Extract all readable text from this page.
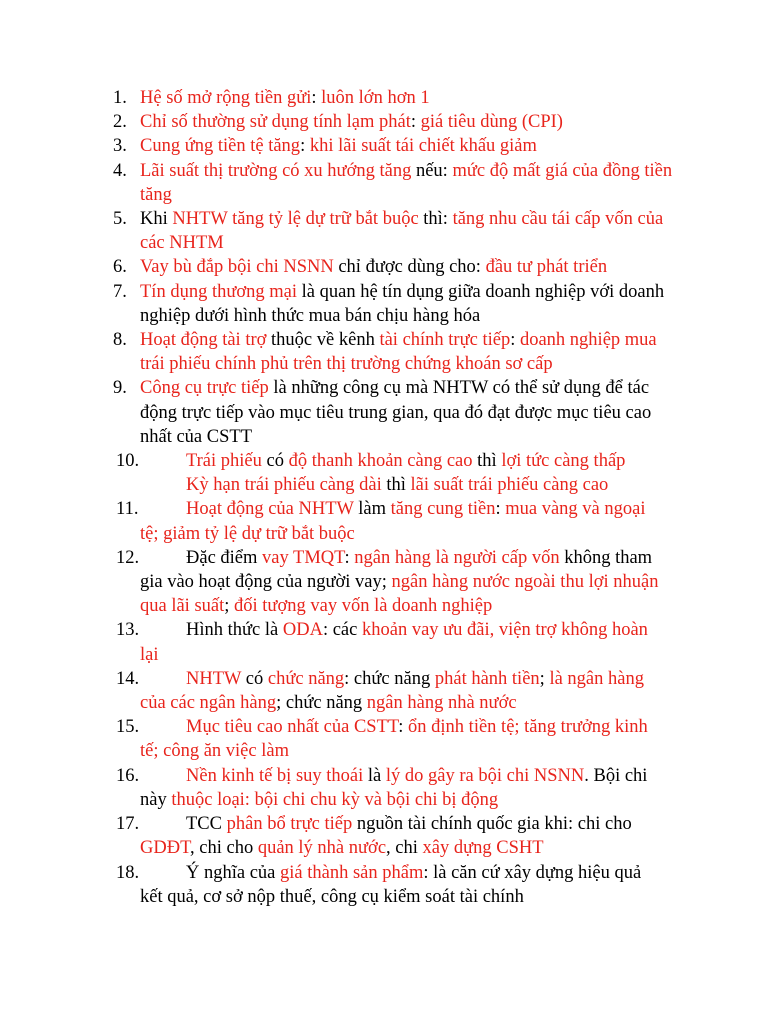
1. Hệ số mở rộng tiền gửi: luôn lớn hơn 1
2. Chỉ số thường sử dụng tính lạm phát: giá tiêu dùng (CPI)
3. Cung ứng tiền tệ tăng: khi lãi suất tái chiết khấu giảm
4. Lãi suất thị trường có xu hướng tăng nếu: mức độ mất giá của đồng tiền tăng
5. Khi NHTW tăng tỷ lệ dự trữ bắt buộc thì: tăng nhu cầu tái cấp vốn của các NHTM
6. Vay bù đắp bội chi NSNN chỉ được dùng cho: đầu tư phát triển
7. Tín dụng thương mại là quan hệ tín dụng giữa doanh nghiệp với doanh nghiệp dưới hình thức mua bán chịu hàng hóa
8. Hoạt động tài trợ thuộc về kênh tài chính trực tiếp: doanh nghiệp mua trái phiếu chính phủ trên thị trường chứng khoán sơ cấp
9. Công cụ trực tiếp là những công cụ mà NHTW có thể sử dụng để tác động trực tiếp vào mục tiêu trung gian, qua đó đạt được mục tiêu cao nhất của CSTT
10.	Trái phiếu có độ thanh khoản càng cao thì lợi tức càng thấp
Kỳ hạn trái phiếu càng dài thì lãi suất trái phiếu càng cao
11.	Hoạt động của NHTW làm tăng cung tiền: mua vàng và ngoại tệ; giảm tỷ lệ dự trữ bắt buộc
12.	Đặc điểm vay TMQT: ngân hàng là người cấp vốn không tham gia vào hoạt động của người vay; ngân hàng nước ngoài thu lợi nhuận qua lãi suất; đối tượng vay vốn là doanh nghiệp
13.	Hình thức là ODA: các khoản vay ưu đãi, viện trợ không hoàn lại
14.	NHTW có chức năng: chức năng phát hành tiền; là ngân hàng của các ngân hàng; chức năng ngân hàng nhà nước
15.	Mục tiêu cao nhất của CSTT: ổn định tiền tệ; tăng trưởng kinh tế; công ăn việc làm
16.	Nền kinh tế bị suy thoái là lý do gây ra bội chi NSNN. Bội chi này thuộc loại: bội chi chu kỳ và bội chi bị động
17.	TCC phân bổ trực tiếp nguồn tài chính quốc gia khi: chi cho GDĐT, chi cho quản lý nhà nước, chi xây dựng CSHT
18.	Ý nghĩa của giá thành sản phẩm: là căn cứ xây dựng hiệu quả kết quả, cơ sở nộp thuế, công cụ kiểm soát tài chính
